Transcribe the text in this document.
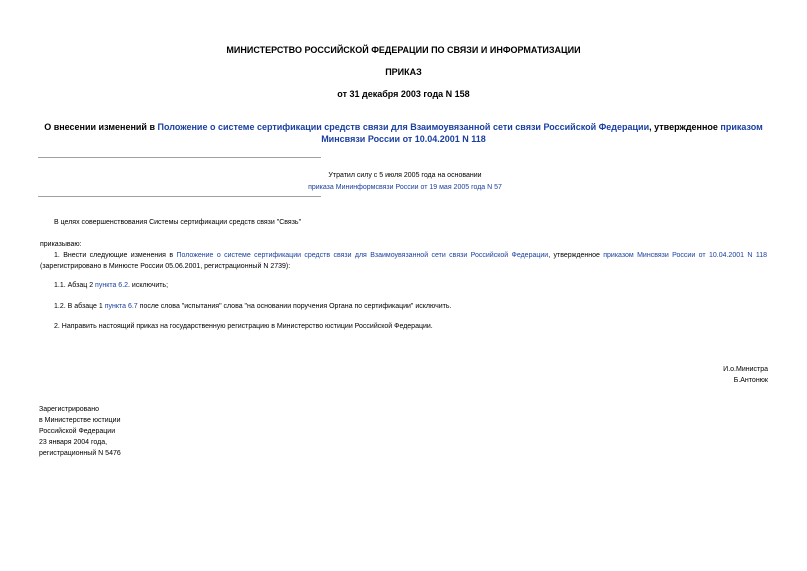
МИНИСТЕРСТВО РОССИЙСКОЙ ФЕДЕРАЦИИ ПО СВЯЗИ И ИНФОРМАТИЗАЦИИ
ПРИКАЗ
от 31 декабря 2003 года N 158
О внесении изменений в Положение о системе сертификации средств связи для Взаимоувязанной сети связи Российской Федерации, утвержденное приказом
Минсвязи России от 10.04.2001 N 118
Утратил силу с 5 июля 2005 года на основании
приказа Мининформсвязи России от 19 мая 2005 года N 57
В целях совершенствования Системы сертификации средств связи "Связь"
приказываю:
1. Внести следующие изменения в Положение о системе сертификации средств связи для Взаимоувязанной сети связи Российской Федерации, утвержденное приказом Минсвязи России от 10.04.2001 N 118
(зарегистрировано в Минюсте России 05.06.2001, регистрационный N 2739):
1.1. Абзац 2 пункта 6.2. исключить;
1.2. В абзаце 1 пункта 6.7 после слова "испытания" слова "на основании поручения Органа по сертификации" исключить.
2. Направить настоящий приказ на государственную регистрацию в Министерство юстиции Российской Федерации.
И.о.Министра
Б.Антонюк
Зарегистрировано
в Министерстве юстиции
Российской Федерации
23 января 2004 года,
регистрационный N 5476
